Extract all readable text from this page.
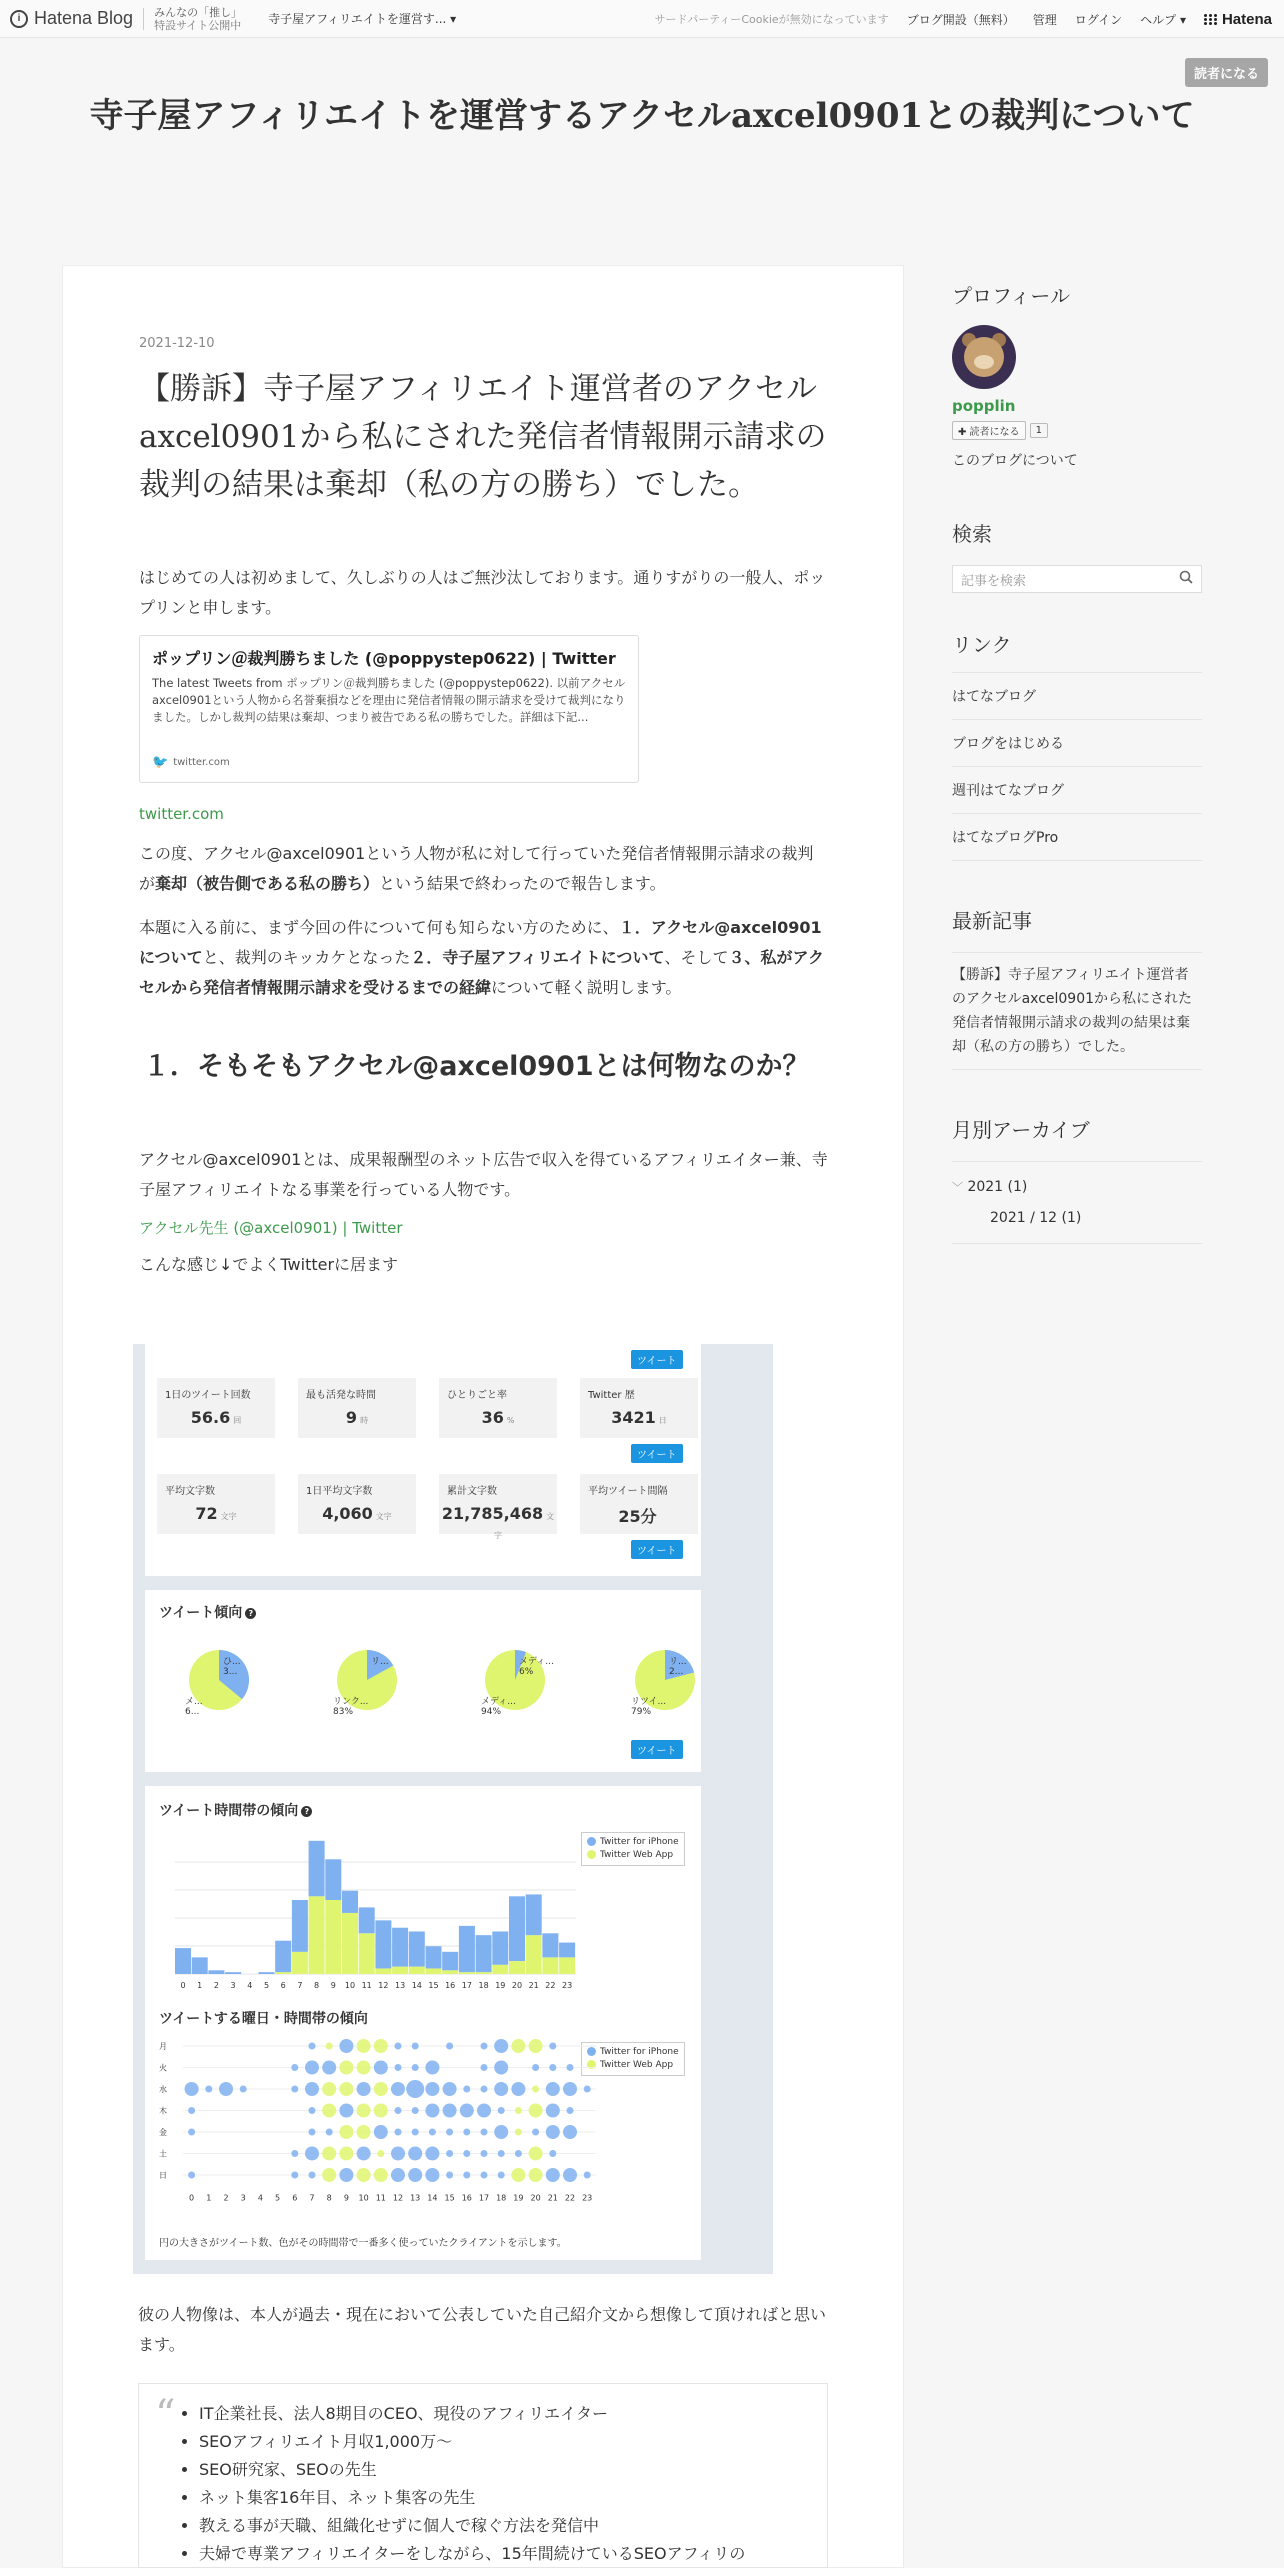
i Hatena Blog みんなの「推し」
特設サイト公開中 寺子屋アフィリエイトを運営す... ▾	サードパーティーCookieが無効になっています ブログ開設（無料） 管理 ログイン ヘルプ ▾ Hatena
読者になる
寺子屋アフィリエイトを運営するアクセルaxcel0901との裁判について
2021-12-10
【勝訴】寺子屋アフィリエイト運営者のアクセルaxcel0901から私にされた発信者情報開示請求の裁判の結果は棄却（私の方の勝ち）でした。

はじめての人は初めまして、久しぶりの人はご無沙汰しております。通りすがりの一般人、ポップリンと申します。

ポップリン＠裁判勝ちました (@poppystep0622) | Twitter
The latest Tweets from ポップリン＠裁判勝ちました (@poppystep0622). 以前アクセルaxcel0901という人物から名誉棄損などを理由に発信者情報の開示請求を受けて裁判になりました。しかし裁判の結果は棄却、つまり被告である私の勝ちでした。詳細は下記...
🐦 twitter.com
twitter.com

この度、アクセル@axcel0901という人物が私に対して行っていた発信者情報開示請求の裁判が棄却（被告側である私の勝ち）という結果で終わったので報告します。

本題に入る前に、まず今回の件について何も知らない方のために、１．アクセル@axcel0901についてと、裁判のキッカケとなった２．寺子屋アフィリエイトについて、そして３、私がアクセルから発信者情報開示請求を受けるまでの経緯について軽く説明します。

１．そもそもアクセル@axcel0901とは何物なのか？

アクセル@axcel0901とは、成果報酬型のネット広告で収入を得ているアフィリエイター兼、寺子屋アフィリエイトなる事業を行っている人物です。

アクセル先生 (@axcel0901) | Twitter

こんな感じ↓でよくTwitterに居ます

ツイート
ツイート
ツイート
1日のツイート回数
56.6 回
最も活発な時間
9 時
ひとりごと率
36 %
Twitter 歴
3421 日
平均文字数
72 文字
1日平均文字数
4,060 文字
累計文字数
21,785,468 文字
平均ツイート間隔
25分
ツイート傾向 ?
ひ...
3...
メ...
6...
リ...
リンク...
83%
メディ...
6%
メディ...
94%
リ...
2...
リツイ...
79%
ツイート
ツイート時間帯の傾向 ?
Twitter for iPhone
Twitter Web App
0 1 2 3 4 5 6 7 8 9 10 11 12 13 14 15 16 17 18 19 20 21 22 23
ツイートする曜日・時間帯の傾向
Twitter for iPhone
Twitter Web App
月
火
水
木
金
土
日
0 1 2 3 4 5 6 7 8 9 10 11 12 13 14 15 16 17 18 19 20 21 22 23
円の大きさがツイート数、色がその時間帯で一番多く使っていたクライアントを示します。

彼の人物像は、本人が過去・現在において公表していた自己紹介文から想像して頂ければと思います。

“
• IT企業社長、法人8期目のCEO、現役のアフィリエイター
• SEOアフィリエイト月収1,000万～
• SEO研究家、SEOの先生
• ネット集客16年目、ネット集客の先生
• 教える事が天職、組織化せずに個人で稼ぐ方法を発信中
• 夫婦で専業アフィリエイターをしながら、15年間続けているSEOアフィリの
プロフィール
popplin
✚ 読者になる	1
このブログについて
検索
記事を検索
リンク
はてなブログ
ブログをはじめる
週刊はてなブログ
はてなブログPro
最新記事
【勝訴】寺子屋アフィリエイト運営者のアクセルaxcel0901から私にされた発信者情報開示請求の裁判の結果は棄却（私の方の勝ち）でした。
月別アーカイブ
﹀ 2021 (1)
2021 / 12 (1)
